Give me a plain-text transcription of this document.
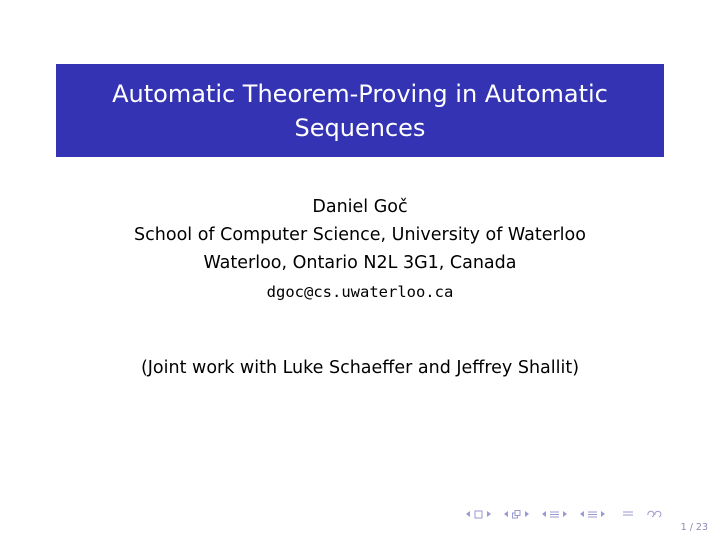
Automatic Theorem-Proving in Automatic
Sequences
Daniel Goč
School of Computer Science, University of Waterloo
Waterloo, Ontario N2L 3G1, Canada
dgoc@cs.uwaterloo.ca
(Joint work with Luke Schaeffer and Jeffrey Shallit)
1 / 23
